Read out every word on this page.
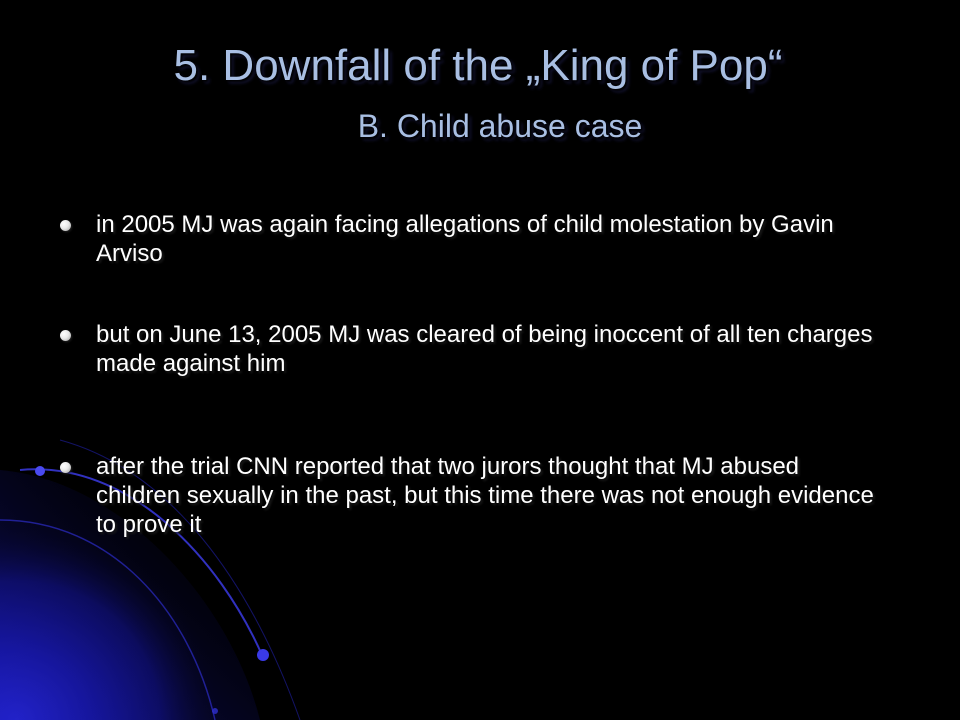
5. Downfall of the „King of Pop“
B. Child abuse case
in 2005 MJ was again facing allegations of child molestation by Gavin Arviso
but on June 13, 2005 MJ was cleared of being inoccent of all ten charges made against him
after the trial CNN reported that two jurors thought that MJ abused children sexually in the past, but this time there was not enough evidence to prove it
